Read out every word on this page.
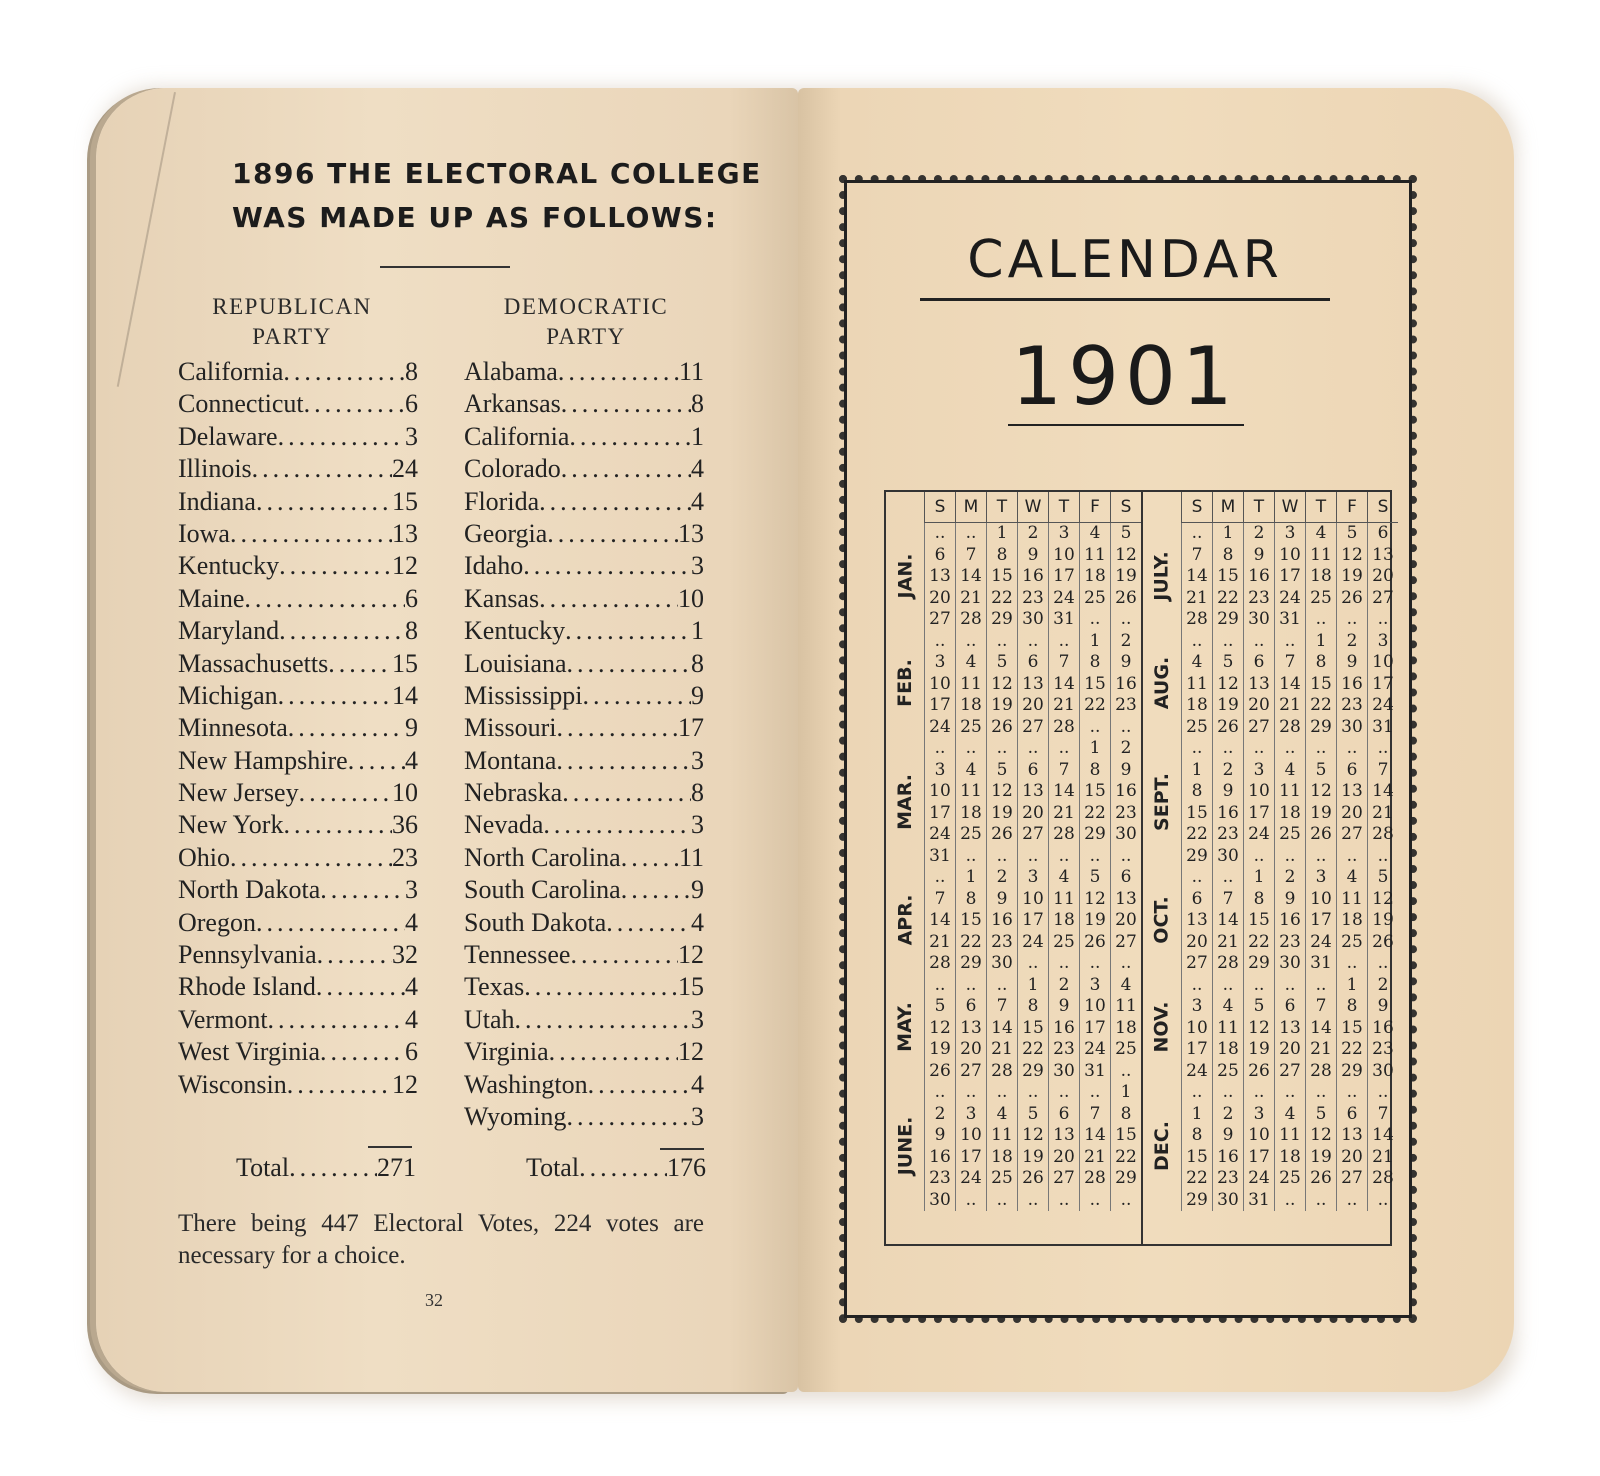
1896 THE ELECTORAL COLLEGE
WAS MADE UP AS FOLLOWS:
REPUBLICAN
PARTY
DEMOCRATIC
PARTY
California .....	8
Connecticut .....	6
Delaware .....	3
Illinois .....	24
Indiana .....	15
Iowa .....	13
Kentucky .....	12
Maine .....	6
Maryland .....	8
Massachusetts ..... 15
Michigan .....	14
Minnesota .....	9
New Hampshire ..... 4
New Jersey .....	10
New York .....	36
Ohio .....	23
North Dakota .....	3
Oregon .....	4
Pennsylvania .....	32
Rhode Island .....	4
Vermont .....	4
West Virginia .....	6
Wisconsin .....	12
Alabama .....	11
Arkansas .....	8
California .....	1
Colorado .....	4
Florida .....	4
Georgia .....	13
Idaho .....	3
Kansas .....	10
Kentucky .....	1
Louisiana .....	8
Mississippi .....	9
Missouri .....	17
Montana .....	3
Nebraska .....	8
Nevada .....	3
North Carolina ..... 11
South Carolina .....	9
South Dakota .....	4
Tennessee .....	12
Texas .....	15
Utah .....	3
Virginia .....	12
Washington .....	4
Wyoming .....	3
Total .....	271	Total .....	176
There being 447 Electoral Votes, 224 votes are necessary for a choice.
32
CALENDAR
1901
JAN.
FEB.
MAR.
APR.
MAY.
JUNE.
S	M	T	W	T	F	S
..	..	1	2	3	4	5
6	7	8	9 10 11 12
13 14 15 16 17 18 19
20 21 22 23 24 25 26
27 28 29 30 31 ..	..
..	..	..	..	..	1	2
3	4	5	6	7	8	9
10 11 12 13 14 15 16
17 18 19 20 21 22 23
24 25 26 27 28 ..	..
..	..	..	..	..	1	2
3	4	5	6	7	8	9
10 11 12 13 14 15 16
17 18 19 20 21 22 23
24 25 26 27 28 29 30
31 ..	..	..	..	..	..
..	1	2	3	4	5	6
7	8	9 10 11 12 13
14 15 16 17 18 19 20
21 22 23 24 25 26 27
28 29 30 ..	..	..	..
..	..	..	1	2	3	4
5	6	7	8	9 10 11
12 13 14 15 16 17 18
19 20 21 22 23 24 25
26 27 28 29 30 31 ..
..	..	..	..	..	..	1
2	3	4	5	6	7	8
9 10 11 12 13 14 15
16 17 18 19 20 21 22
23 24 25 26 27 28 29
30 ..	..	..	..	..	..
JULY.
AUG.
SEPT.
OCT.
NOV.
DEC.
S	M	T	W	T	F	S
..	1	2	3	4	5	6
7	8	9 10 11 12 13
14 15 16 17 18 19 20
21 22 23 24 25 26 27
28 29 30 31 ..	..	..
..	..	..	..	1	2	3
4	5	6	7	8	9 10
11 12 13 14 15 16 17
18 19 20 21 22 23 24
25 26 27 28 29 30 31
..	..	..	..	..	..	..
1	2	3	4	5	6	7
8	9 10 11 12 13 14
15 16 17 18 19 20 21
22 23 24 25 26 27 28
29 30 ..	..	..	..	..
..	..	1	2	3	4	5
6	7	8	9 10 11 12
13 14 15 16 17 18 19
20 21 22 23 24 25 26
27 28 29 30 31 ..	..
..	..	..	..	..	1	2
3	4	5	6	7	8	9
10 11 12 13 14 15 16
17 18 19 20 21 22 23
24 25 26 27 28 29 30
..	..	..	..	..	..	..
1	2	3	4	5	6	7
8	9 10 11 12 13 14
15 16 17 18 19 20 21
22 23 24 25 26 27 28
29 30 31 ..	..	..	..
